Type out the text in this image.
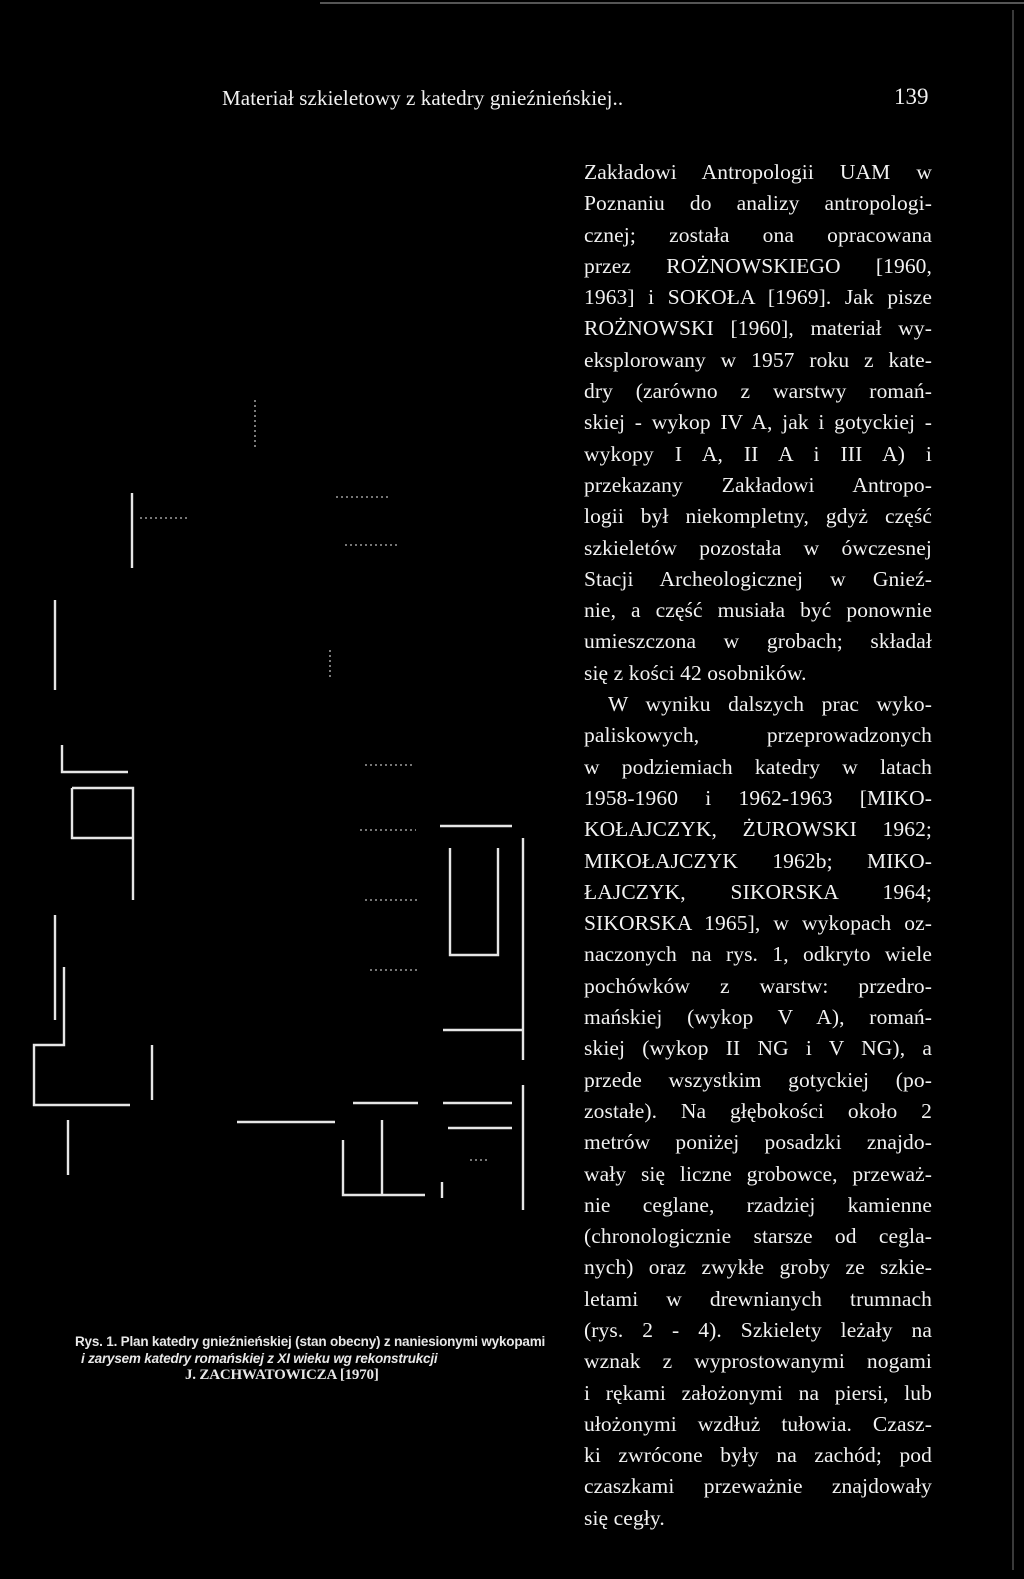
Materiał szkieletowy z katedry gnieźnieńskiej..	139
Rys. 1. Plan katedry gnieźnieńskiej (stan obecny) z naniesionymi wykopami
i zarysem katedry romańskiej z XI wieku wg rekonstrukcji
J. ZACHWATOWICZA [1970]
Zakładowi Antropologii UAM w
Poznaniu do analizy antropologi-
cznej; została ona opracowana
przez ROŻNOWSKIEGO [1960,
1963] i SOKOŁA [1969]. Jak pisze
ROŻNOWSKI [1960], materiał wy-
eksplorowany w 1957 roku z kate-
dry (zarówno z warstwy romań-
skiej - wykop IV A, jak i gotyckiej -
wykopy I A, II A i III A) i
przekazany Zakładowi Antropo-
logii był niekompletny, gdyż część
szkieletów pozostała w ówczesnej
Stacji Archeologicznej w Gnieź-
nie, a część musiała być ponownie
umieszczona w grobach; składał
się z kości 42 osobników.
W wyniku dalszych prac wyko-
paliskowych, przeprowadzonych
w podziemiach katedry w latach
1958-1960 i 1962-1963 [MIKO-
KOŁAJCZYK, ŻUROWSKI 1962;
MIKOŁAJCZYK 1962b; MIKO-
ŁAJCZYK, SIKORSKA 1964;
SIKORSKA 1965], w wykopach oz-
naczonych na rys. 1, odkryto wiele
pochówków z warstw: przedro-
mańskiej (wykop V A), romań-
skiej (wykop II NG i V NG), a
przede wszystkim gotyckiej (po-
zostałe). Na głębokości około 2
metrów poniżej posadzki znajdo-
wały się liczne grobowce, przeważ-
nie ceglane, rzadziej kamienne
(chronologicznie starsze od cegla-
nych) oraz zwykłe groby ze szkie-
letami w drewnianych trumnach
(rys. 2 - 4). Szkielety leżały na
wznak z wyprostowanymi nogami
i rękami założonymi na piersi, lub
ułożonymi wzdłuż tułowia. Czasz-
ki zwrócone były na zachód; pod
czaszkami przeważnie znajdowały
się cegły.
